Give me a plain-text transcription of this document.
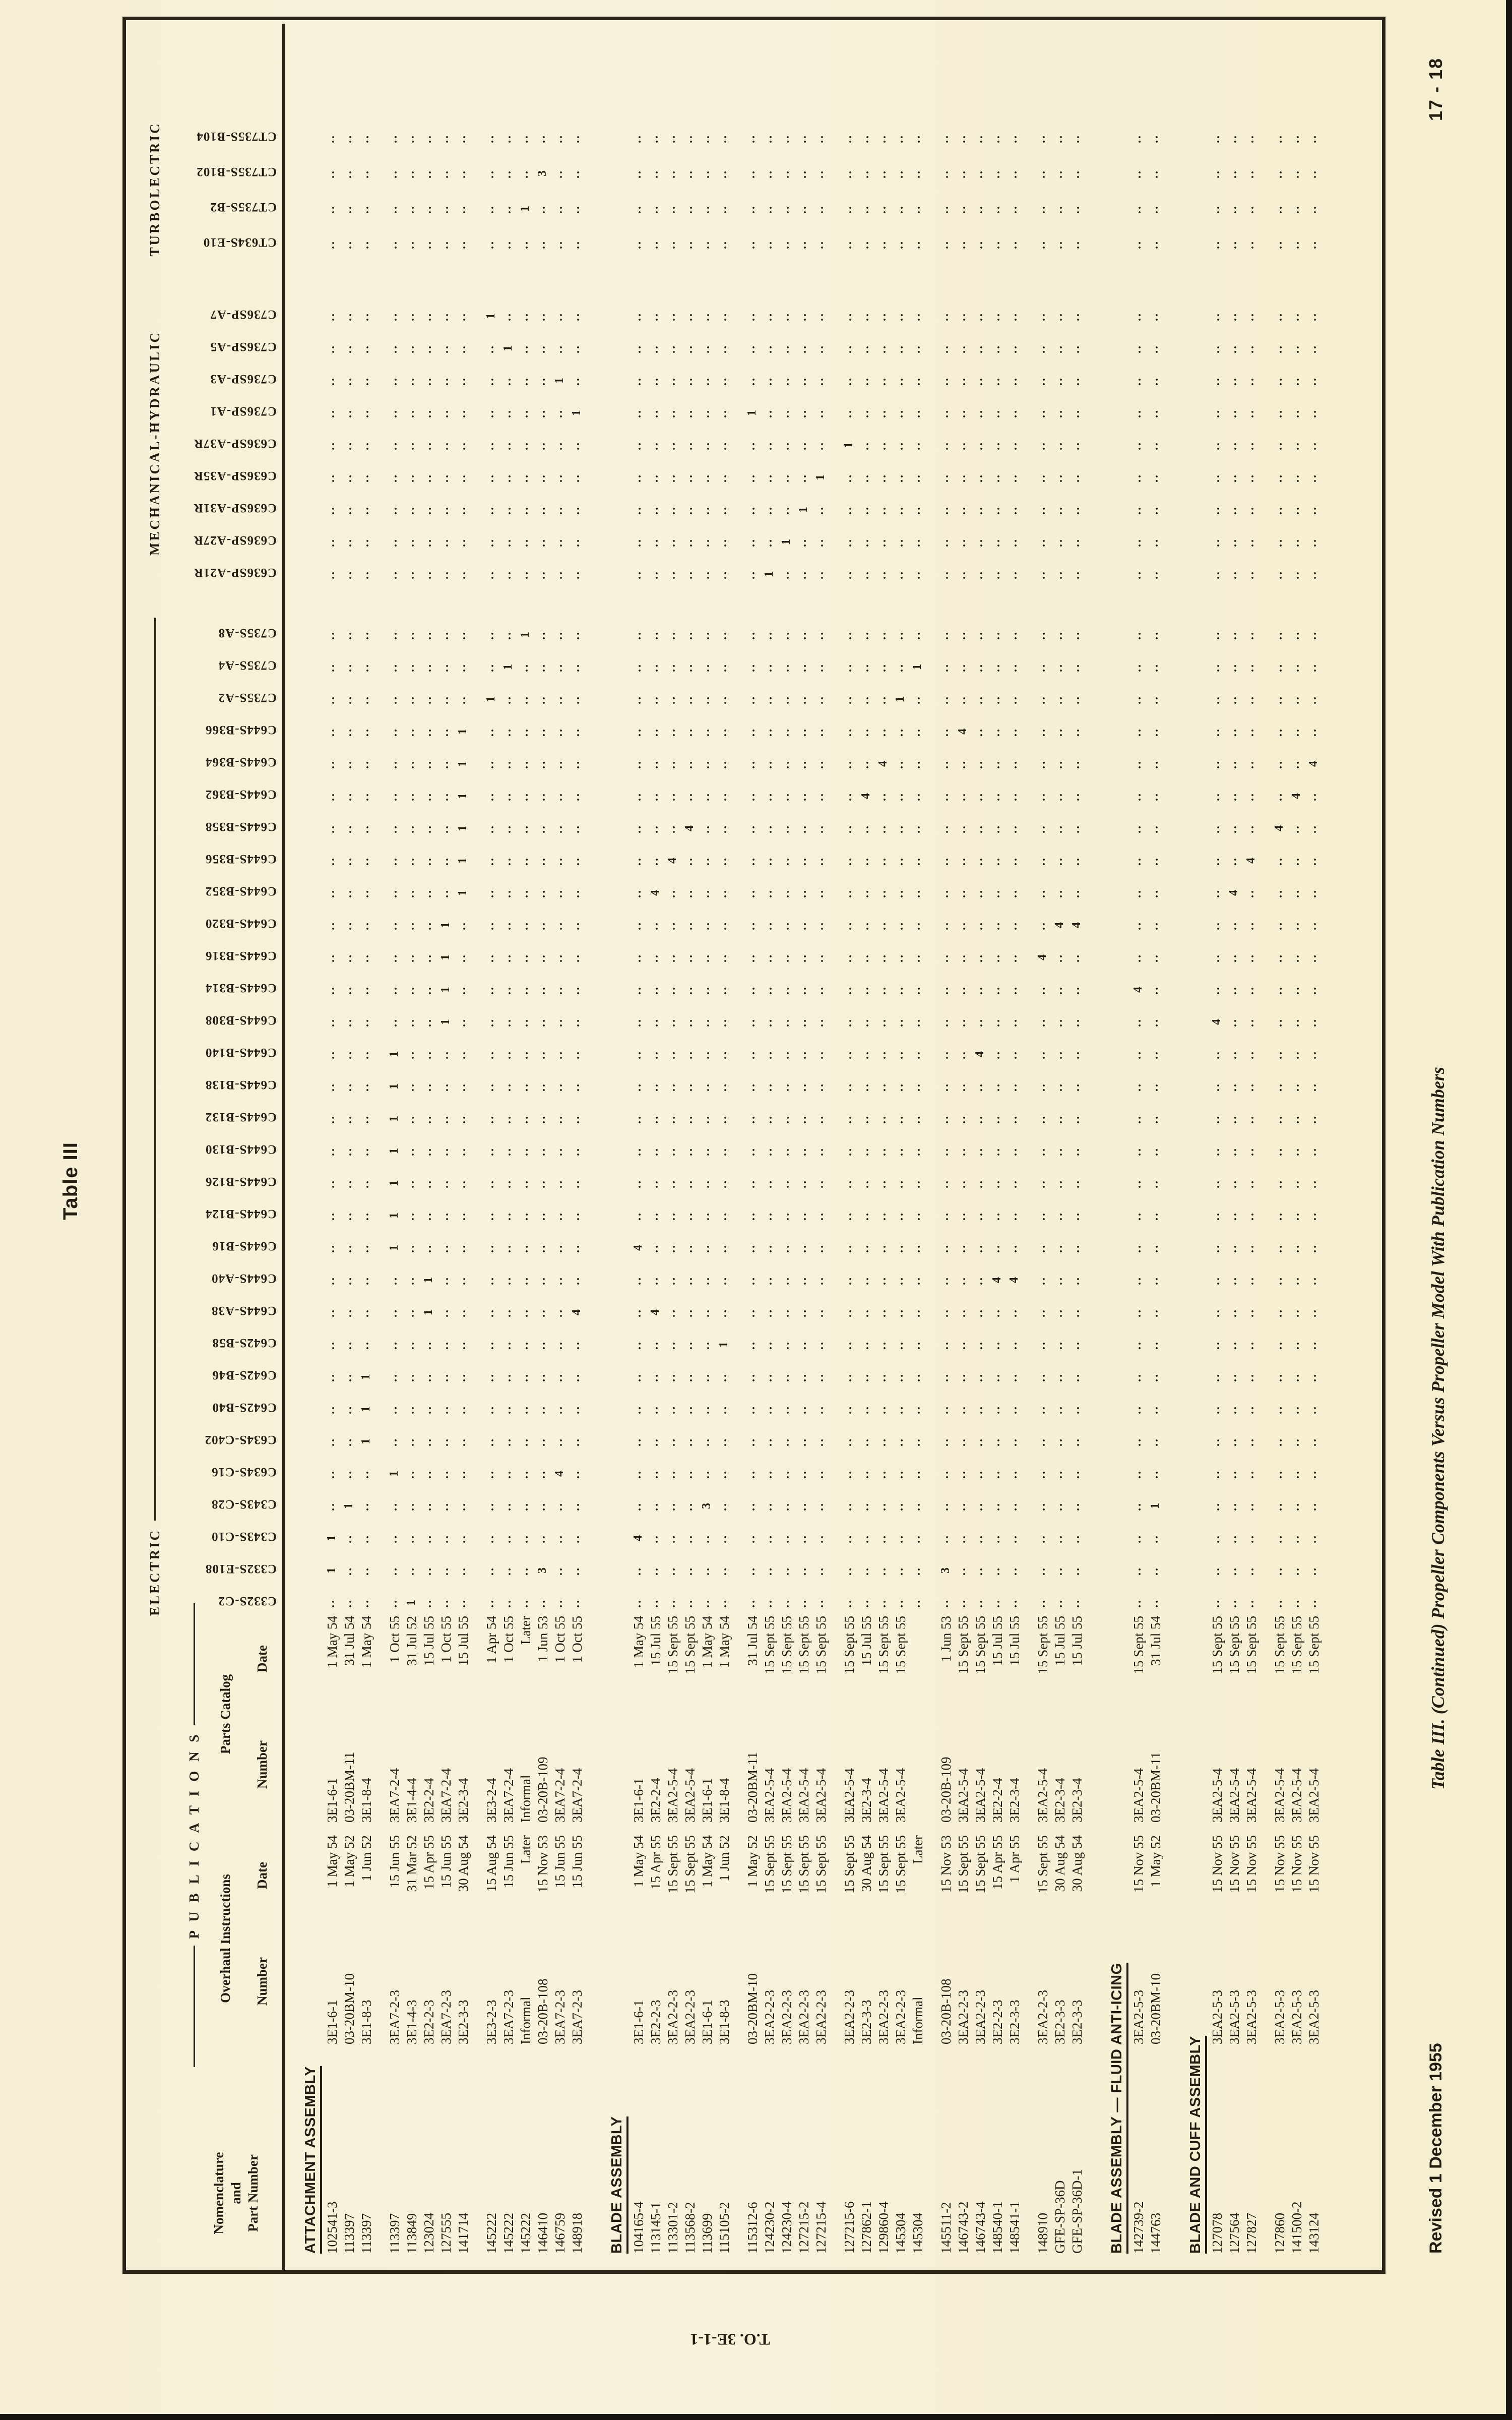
Table III
T.O. 3E-1-1
Revised 1 December 1955
Table III. (Continued) Propeller Components Versus Propeller Model With Publication Numbers
17 - 18
Nomenclature and Part Number
P U B L I C A T I O N S Overhaul Instructions
Parts Catalog
Number
Date
Number
Date
ELECTRIC
MECHANICAL-HYDRAULIC
TURBOLECTRIC
C332S-C2
C332S-E108
C343S-C10
C343S-C28
C634S-C16
C634S-C402
C642S-B40
C642S-B46
C642S-B58
C644S-A38
C644S-A40
C644S-B16
C644S-B124
C644S-B126
C644S-B130
C644S-B132
C644S-B138
C644S-B140
C644S-B308
C644S-B314
C644S-B316
C644S-B320
C644S-B352
C644S-B356
C644S-B358
C644S-B362
C644S-B364
C644S-B366
C735S-A2
C735S-A4
C735S-A8
C636SP-A21R
C636SP-A27R
C636SP-A31R
C636SP-A35R
C636SP-A37R
C736SP-A1
C736SP-A3
C736SP-A5
C736SP-A7
CT634S-E10
CT735S-B2
CT735S-B102
CT735S-B104
ATTACHMENT ASSEMBLY 102541-3
3E1-6-1
1 May 54
3E1-6-1
1 May 54
..
1
1
..
..
..
..
..
..
..
..
..
..
..
..
..
..
..
..
..
..
..
..
..
..
..
..
..
..
..
..
..
..
..
..
..
..
..
..
..
..
..
..
..
113397
03-20BM-10
1 May 52
03-20BM-11
31 Jul 54
..
..
..
1
..
..
..
..
..
..
..
..
..
..
..
..
..
..
..
..
..
..
..
..
..
..
..
..
..
..
..
..
..
..
..
..
..
..
..
..
..
..
..
..
113397
3E1-8-3
1 Jun 52
3E1-8-4
1 May 54
..
..
..
..
..
1
1
1
..
..
..
..
..
..
..
..
..
..
..
..
..
..
..
..
..
..
..
..
..
..
..
..
..
..
..
..
..
..
..
..
..
..
..
..
113397
3EA7-2-3
15 Jun 55
3EA7-2-4
1 Oct 55
..
..
..
..
1
..
..
..
..
..
..
1
1
1
1
1
1
1
..
..
..
..
..
..
..
..
..
..
..
..
..
..
..
..
..
..
..
..
..
..
..
..
..
..
113849
3E1-4-3
31 Mar 52
3E1-4-4
31 Jul 52
1
..
..
..
..
..
..
..
..
..
..
..
..
..
..
..
..
..
..
..
..
..
..
..
..
..
..
..
..
..
..
..
..
..
..
..
..
..
..
..
..
..
..
..
123024
3E2-2-3
15 Apr 55
3E2-2-4
15 Jul 55
..
..
..
..
..
..
..
..
..
1
1
..
..
..
..
..
..
..
..
..
..
..
..
..
..
..
..
..
..
..
..
..
..
..
..
..
..
..
..
..
..
..
..
..
127555
3EA7-2-3
15 Jun 55
3EA7-2-4
1 Oct 55
..
..
..
..
..
..
..
..
..
..
..
..
..
..
..
..
..
..
1
1
1
1
..
..
..
..
..
..
..
..
..
..
..
..
..
..
..
..
..
..
..
..
..
..
141714
3E2-3-3
30 Aug 54
3E2-3-4
15 Jul 55
..
..
..
..
..
..
..
..
..
..
..
..
..
..
..
..
..
..
..
..
..
..
1
1
1
1
1
1
..
..
..
..
..
..
..
..
..
..
..
..
..
..
..
..
145222
3E3-2-3
15 Aug 54
3E3-2-4
1 Apr 54
..
..
..
..
..
..
..
..
..
..
..
..
..
..
..
..
..
..
..
..
..
..
..
..
..
..
..
..
1
..
..
..
..
..
..
..
..
..
..
1
..
..
..
..
145222
3EA7-2-3
15 Jun 55
3EA7-2-4
1 Oct 55
..
..
..
..
..
..
..
..
..
..
..
..
..
..
..
..
..
..
..
..
..
..
..
..
..
..
..
..
..
1
..
..
..
..
..
..
..
..
1
..
..
..
..
..
145222
Informal
Later
Informal
Later
..
..
..
..
..
..
..
..
..
..
..
..
..
..
..
..
..
..
..
..
..
..
..
..
..
..
..
..
..
..
1
..
..
..
..
..
..
..
..
..
..
1
..
..
146410
03-20B-108
15 Nov 53
03-20B-109
1 Jun 53
..
3
..
..
..
..
..
..
..
..
..
..
..
..
..
..
..
..
..
..
..
..
..
..
..
..
..
..
..
..
..
..
..
..
..
..
..
..
..
..
..
..
3
..
146759
3EA7-2-3
15 Jun 55
3EA7-2-4
1 Oct 55
..
..
..
..
4
..
..
..
..
..
..
..
..
..
..
..
..
..
..
..
..
..
..
..
..
..
..
..
..
..
..
..
..
..
..
..
..
1
..
..
..
..
..
..
148918
3EA7-2-3
15 Jun 55
3EA7-2-4
1 Oct 55
..
..
..
..
..
..
..
..
..
4
..
..
..
..
..
..
..
..
..
..
..
..
..
..
..
..
..
..
..
..
..
..
..
..
..
..
1
..
..
..
..
..
..
..
BLADE ASSEMBLY 104165-4
3E1-6-1
1 May 54
3E1-6-1
1 May 54
..
..
4
..
..
..
..
..
..
..
..
4
..
..
..
..
..
..
..
..
..
..
..
..
..
..
..
..
..
..
..
..
..
..
..
..
..
..
..
..
..
..
..
..
113145-1
3E2-2-3
15 Apr 55
3E2-2-4
15 Jul 55
..
..
..
..
..
..
..
..
..
4
..
..
..
..
..
..
..
..
..
..
..
..
4
..
..
..
..
..
..
..
..
..
..
..
..
..
..
..
..
..
..
..
..
..
113301-2
3EA2-2-3
15 Sept 55
3EA2-5-4
15 Sept 55
..
..
..
..
..
..
..
..
..
..
..
..
..
..
..
..
..
..
..
..
..
..
..
4
..
..
..
..
..
..
..
..
..
..
..
..
..
..
..
..
..
..
..
..
113568-2
3EA2-2-3
15 Sept 55
3EA2-5-4
15 Sept 55
..
..
..
..
..
..
..
..
..
..
..
..
..
..
..
..
..
..
..
..
..
..
..
..
4
..
..
..
..
..
..
..
..
..
..
..
..
..
..
..
..
..
..
..
113699
3E1-6-1
1 May 54
3E1-6-1
1 May 54
..
..
..
3
..
..
..
..
..
..
..
..
..
..
..
..
..
..
..
..
..
..
..
..
..
..
..
..
..
..
..
..
..
..
..
..
..
..
..
..
..
..
..
..
115105-2
3E1-8-3
1 Jun 52
3E1-8-4
1 May 54
..
..
..
..
..
..
..
..
1
..
..
..
..
..
..
..
..
..
..
..
..
..
..
..
..
..
..
..
..
..
..
..
..
..
..
..
..
..
..
..
..
..
..
..
115312-6
03-20BM-10
1 May 52
03-20BM-11
31 Jul 54
..
..
..
..
..
..
..
..
..
..
..
..
..
..
..
..
..
..
..
..
..
..
..
..
..
..
..
..
..
..
..
..
..
..
..
..
1
..
..
..
..
..
..
..
124230-2
3EA2-2-3
15 Sept 55
3EA2-5-4
15 Sept 55
..
..
..
..
..
..
..
..
..
..
..
..
..
..
..
..
..
..
..
..
..
..
..
..
..
..
..
..
..
..
..
1
..
..
..
..
..
..
..
..
..
..
..
..
124230-4
3EA2-2-3
15 Sept 55
3EA2-5-4
15 Sept 55
..
..
..
..
..
..
..
..
..
..
..
..
..
..
..
..
..
..
..
..
..
..
..
..
..
..
..
..
..
..
..
..
1
..
..
..
..
..
..
..
..
..
..
..
127215-2
3EA2-2-3
15 Sept 55
3EA2-5-4
15 Sept 55
..
..
..
..
..
..
..
..
..
..
..
..
..
..
..
..
..
..
..
..
..
..
..
..
..
..
..
..
..
..
..
..
..
1
..
..
..
..
..
..
..
..
..
..
127215-4
3EA2-2-3
15 Sept 55
3EA2-5-4
15 Sept 55
..
..
..
..
..
..
..
..
..
..
..
..
..
..
..
..
..
..
..
..
..
..
..
..
..
..
..
..
..
..
..
..
..
..
1
..
..
..
..
..
..
..
..
..
127215-6
3EA2-2-3
15 Sept 55
3EA2-5-4
15 Sept 55
..
..
..
..
..
..
..
..
..
..
..
..
..
..
..
..
..
..
..
..
..
..
..
..
..
..
..
..
..
..
..
..
..
..
..
1
..
..
..
..
..
..
..
..
127862-1
3E2-3-3
30 Aug 54
3E2-3-4
15 Jul 55
..
..
..
..
..
..
..
..
..
..
..
..
..
..
..
..
..
..
..
..
..
..
..
..
..
4
..
..
..
..
..
..
..
..
..
..
..
..
..
..
..
..
..
..
129860-4
3EA2-2-3
15 Sept 55
3EA2-5-4
15 Sept 55
..
..
..
..
..
..
..
..
..
..
..
..
..
..
..
..
..
..
..
..
..
..
..
..
..
..
4
..
..
..
..
..
..
..
..
..
..
..
..
..
..
..
..
..
145304
3EA2-2-3
15 Sept 55
3EA2-5-4
15 Sept 55
..
..
..
..
..
..
..
..
..
..
..
..
..
..
..
..
..
..
..
..
..
..
..
..
..
..
..
..
1
..
..
..
..
..
..
..
..
..
..
..
..
..
..
..
145304
Informal
Later
..
..
..
..
..
..
..
..
..
..
..
..
..
..
..
..
..
..
..
..
..
..
..
..
..
..
..
..
..
1
..
..
..
..
..
..
..
..
..
..
..
..
..
..
145511-2
03-20B-108
15 Nov 53
03-20B-109
1 Jun 53
..
3
..
..
..
..
..
..
..
..
..
..
..
..
..
..
..
..
..
..
..
..
..
..
..
..
..
..
..
..
..
..
..
..
..
..
..
..
..
..
..
..
..
..
146743-2
3EA2-2-3
15 Sept 55
3EA2-5-4
15 Sept 55
..
..
..
..
..
..
..
..
..
..
..
..
..
..
..
..
..
..
..
..
..
..
..
..
..
..
..
4
..
..
..
..
..
..
..
..
..
..
..
..
..
..
..
..
146743-4
3EA2-2-3
15 Sept 55
3EA2-5-4
15 Sept 55
..
..
..
..
..
..
..
..
..
..
..
..
..
..
..
..
..
4
..
..
..
..
..
..
..
..
..
..
..
..
..
..
..
..
..
..
..
..
..
..
..
..
..
..
148540-1
3E2-2-3
15 Apr 55
3E2-2-4
15 Jul 55
..
..
..
..
..
..
..
..
..
..
4
..
..
..
..
..
..
..
..
..
..
..
..
..
..
..
..
..
..
..
..
..
..
..
..
..
..
..
..
..
..
..
..
..
148541-1
3E2-3-3
1 Apr 55
3E2-3-4
15 Jul 55
..
..
..
..
..
..
..
..
..
..
4
..
..
..
..
..
..
..
..
..
..
..
..
..
..
..
..
..
..
..
..
..
..
..
..
..
..
..
..
..
..
..
..
..
148910
3EA2-2-3
15 Sept 55
3EA2-5-4
15 Sept 55
..
..
..
..
..
..
..
..
..
..
..
..
..
..
..
..
..
..
..
..
4
..
..
..
..
..
..
..
..
..
..
..
..
..
..
..
..
..
..
..
..
..
..
..
GFE-SP-36D
3E2-3-3
30 Aug 54
3E2-3-4
15 Jul 55
..
..
..
..
..
..
..
..
..
..
..
..
..
..
..
..
..
..
..
..
..
4
..
..
..
..
..
..
..
..
..
..
..
..
..
..
..
..
..
..
..
..
..
..
GFE-SP-36D-1
3E2-3-3
30 Aug 54
3E2-3-4
15 Jul 55
..
..
..
..
..
..
..
..
..
..
..
..
..
..
..
..
..
..
..
..
..
4
..
..
..
..
..
..
..
..
..
..
..
..
..
..
..
..
..
..
..
..
..
..
BLADE ASSEMBLY — FLUID ANTI-ICING 142739-2
3EA2-5-3
15 Nov 55
3EA2-5-4
15 Sept 55
..
..
..
..
..
..
..
..
..
..
..
..
..
..
..
..
..
..
..
4
..
..
..
..
..
..
..
..
..
..
..
..
..
..
..
..
..
..
..
..
..
..
..
..
144763
03-20BM-10
1 May 52
03-20BM-11
31 Jul 54
..
..
..
1
..
..
..
..
..
..
..
..
..
..
..
..
..
..
..
..
..
..
..
..
..
..
..
..
..
..
..
..
..
..
..
..
..
..
..
..
..
..
..
..
BLADE AND CUFF ASSEMBLY 127078
3EA2-5-3
15 Nov 55
3EA2-5-4
15 Sept 55
..
..
..
..
..
..
..
..
..
..
..
..
..
..
..
..
..
..
4
..
..
..
..
..
..
..
..
..
..
..
..
..
..
..
..
..
..
..
..
..
..
..
..
..
127564
3EA2-5-3
15 Nov 55
3EA2-5-4
15 Sept 55
..
..
..
..
..
..
..
..
..
..
..
..
..
..
..
..
..
..
..
..
..
..
4
..
..
..
..
..
..
..
..
..
..
..
..
..
..
..
..
..
..
..
..
..
127827
3EA2-5-3
15 Nov 55
3EA2-5-4
15 Sept 55
..
..
..
..
..
..
..
..
..
..
..
..
..
..
..
..
..
..
..
..
..
..
..
4
..
..
..
..
..
..
..
..
..
..
..
..
..
..
..
..
..
..
..
..
127860
3EA2-5-3
15 Nov 55
3EA2-5-4
15 Sept 55
..
..
..
..
..
..
..
..
..
..
..
..
..
..
..
..
..
..
..
..
..
..
..
..
4
..
..
..
..
..
..
..
..
..
..
..
..
..
..
..
..
..
..
..
141500-2
3EA2-5-3
15 Nov 55
3EA2-5-4
15 Sept 55
..
..
..
..
..
..
..
..
..
..
..
..
..
..
..
..
..
..
..
..
..
..
..
..
..
4
..
..
..
..
..
..
..
..
..
..
..
..
..
..
..
..
..
..
143124
3EA2-5-3
15 Nov 55
3EA2-5-4
15 Sept 55
..
..
..
..
..
..
..
..
..
..
..
..
..
..
..
..
..
..
..
..
..
..
..
..
..
..
4
..
..
..
..
..
..
..
..
..
..
..
..
..
..
..
..
..
